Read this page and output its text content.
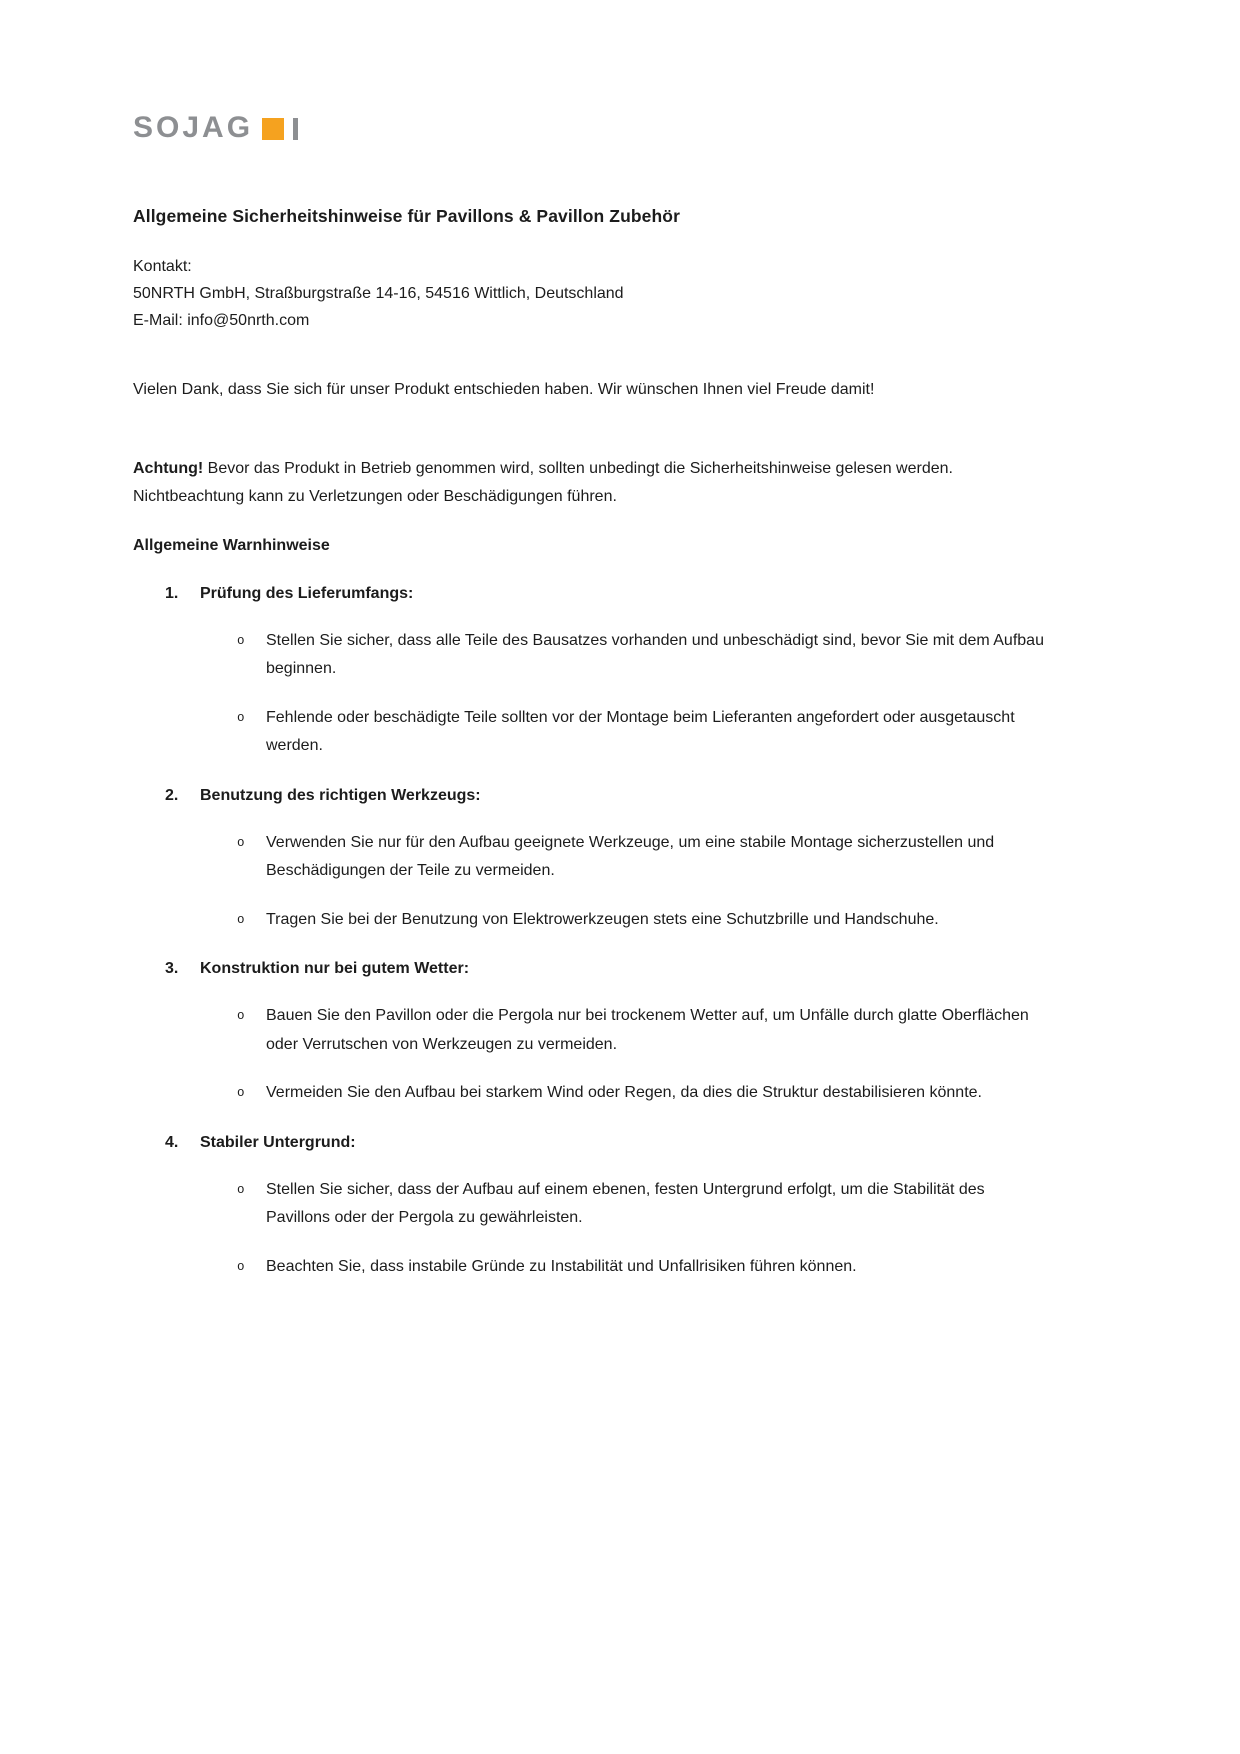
SOJAG
Allgemeine Sicherheitshinweise für Pavillons & Pavillon Zubehör

Kontakt:

50NRTH GmbH, Straßburgstraße 14-16, 54516 Wittlich, Deutschland

E-Mail: info@50nrth.com

Vielen Dank, dass Sie sich für unser Produkt entschieden haben. Wir wünschen Ihnen viel Freude damit!

Achtung! Bevor das Produkt in Betrieb genommen wird, sollten unbedingt die Sicherheitshinweise gelesen werden. Nichtbeachtung kann zu Verletzungen oder Beschädigungen führen.

Allgemeine Warnhinweise
1.	Prüfung des Lieferumfangs:
o	Stellen Sie sicher, dass alle Teile des Bausatzes vorhanden und unbeschädigt sind, bevor Sie mit dem Aufbau beginnen.
o	Fehlende oder beschädigte Teile sollten vor der Montage beim Lieferanten angefordert oder ausgetauscht werden.
2.	Benutzung des richtigen Werkzeugs:
o	Verwenden Sie nur für den Aufbau geeignete Werkzeuge, um eine stabile Montage sicherzustellen und Beschädigungen der Teile zu vermeiden.
o	Tragen Sie bei der Benutzung von Elektrowerkzeugen stets eine Schutzbrille und Handschuhe.
3.	Konstruktion nur bei gutem Wetter:
o	Bauen Sie den Pavillon oder die Pergola nur bei trockenem Wetter auf, um Unfälle durch glatte Oberflächen oder Verrutschen von Werkzeugen zu vermeiden.
o	Vermeiden Sie den Aufbau bei starkem Wind oder Regen, da dies die Struktur destabilisieren könnte.
4.	Stabiler Untergrund:
o	Stellen Sie sicher, dass der Aufbau auf einem ebenen, festen Untergrund erfolgt, um die Stabilität des Pavillons oder der Pergola zu gewährleisten.
o	Beachten Sie, dass instabile Gründe zu Instabilität und Unfallrisiken führen können.
